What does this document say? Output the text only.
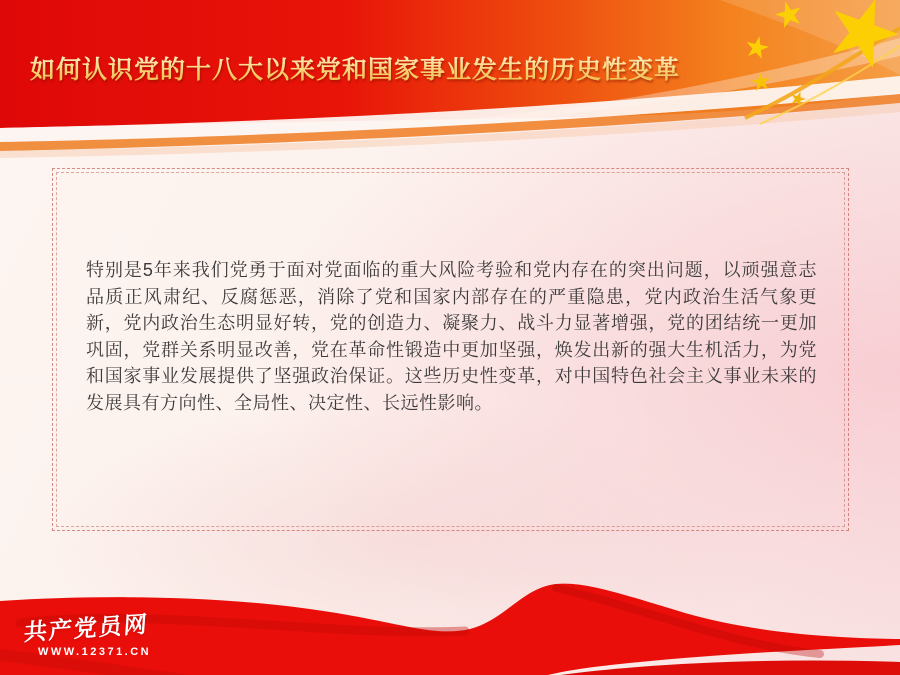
如何认识党的十八大以来党和国家事业发生的历史性变革

特别是5年来我们党勇于面对党面临的重大风险考验和党内存在的突出问题，以顽强意志品质正风肃纪、反腐惩恶，消除了党和国家内部存在的严重隐患，党内政治生活气象更新，党内政治生态明显好转，党的创造力、凝聚力、战斗力显著增强，党的团结统一更加巩固，党群关系明显改善，党在革命性锻造中更加坚强，焕发出新的强大生机活力，为党和国家事业发展提供了坚强政治保证。这些历史性变革，对中国特色社会主义事业未来的发展具有方向性、全局性、决定性、长远性影响。

共产党员网
WWW.12371.CN
